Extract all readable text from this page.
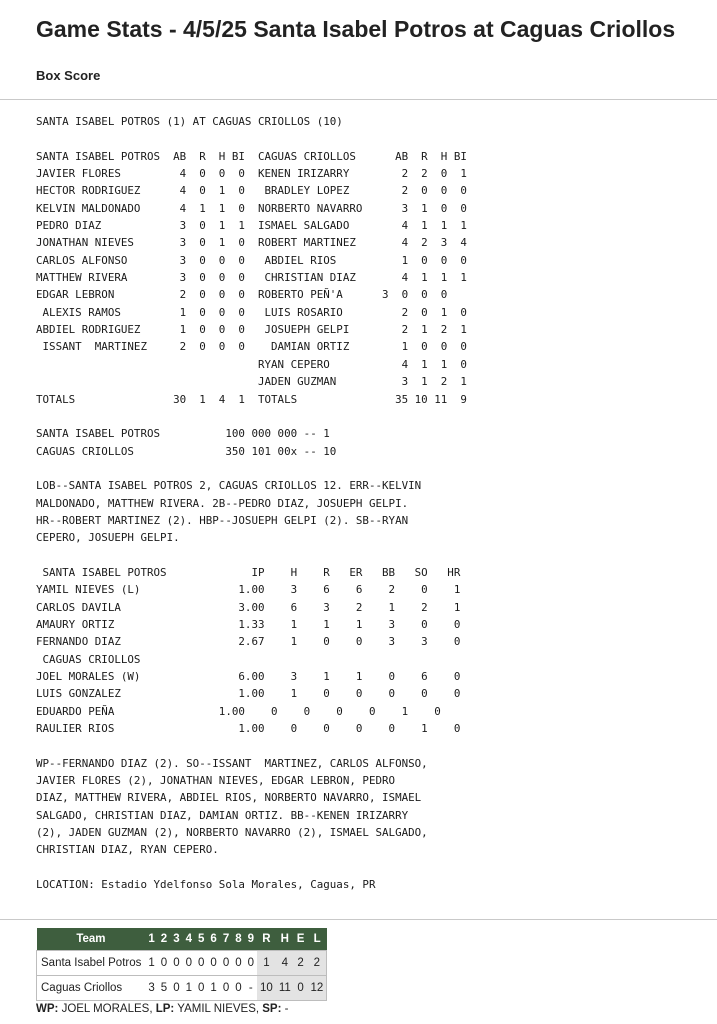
Game Stats - 4/5/25 Santa Isabel Potros at Caguas Criollos
Box Score
SANTA ISABEL POTROS (1) AT CAGUAS CRIOLLOS (10)

SANTA ISABEL POTROS  AB  R  H BI  CAGUAS CRIOLLOS      AB  R  H BI
JAVIER FLORES         4  0  0  0  KENEN IRIZARRY        2  2  0  1
HECTOR RODRIGUEZ      4  0  1  0   BRADLEY LOPEZ        2  0  0  0
KELVIN MALDONADO      4  1  1  0  NORBERTO NAVARRO      3  1  0  0
PEDRO DIAZ            3  0  1  1  ISMAEL SALGADO        4  1  1  1
JONATHAN NIEVES       3  0  1  0  ROBERT MARTINEZ       4  2  3  4
CARLOS ALFONSO        3  0  0  0   ABDIEL RIOS          1  0  0  0
MATTHEW RIVERA        3  0  0  0   CHRISTIAN DIAZ       4  1  1  1
EDGAR LEBRON          2  0  0  0  ROBERTO PEÑ'A      3  0  0  0
ALEXIS RAMOS         1  0  0  0   LUIS ROSARIO         2  0  1  0
ABDIEL RODRIGUEZ      1  0  0  0   JOSUEPH GELPI        2  1  2  1
ISSANT  MARTINEZ     2  0  0  0    DAMIAN ORTIZ        1  0  0  0
RYAN CEPERO           4  1  1  0
JADEN GUZMAN          3  1  2  1
TOTALS               30  1  4  1  TOTALS               35 10 11  9

SANTA ISABEL POTROS          100 000 000 -- 1
CAGUAS CRIOLLOS              350 101 00x -- 10

LOB--SANTA ISABEL POTROS 2, CAGUAS CRIOLLOS 12. ERR--KELVIN
MALDONADO, MATTHEW RIVERA. 2B--PEDRO DIAZ, JOSUEPH GELPI.
HR--ROBERT MARTINEZ (2). HBP--JOSUEPH GELPI (2). SB--RYAN
CEPERO, JOSUEPH GELPI.

SANTA ISABEL POTROS             IP    H    R   ER   BB   SO   HR
YAMIL NIEVES (L)               1.00    3    6    6    2    0    1
CARLOS DAVILA                  3.00    6    3    2    1    2    1
AMAURY ORTIZ                   1.33    1    1    1    3    0    0
FERNANDO DIAZ                  2.67    1    0    0    3    3    0
CAGUAS CRIOLLOS
JOEL MORALES (W)               6.00    3    1    1    0    6    0
LUIS GONZALEZ                  1.00    1    0    0    0    0    0
EDUARDO PEÑA                1.00    0    0    0    0    1    0
RAULIER RIOS                   1.00    0    0    0    0    1    0

WP--FERNANDO DIAZ (2). SO--ISSANT  MARTINEZ, CARLOS ALFONSO,
JAVIER FLORES (2), JONATHAN NIEVES, EDGAR LEBRON, PEDRO
DIAZ, MATTHEW RIVERA, ABDIEL RIOS, NORBERTO NAVARRO, ISMAEL
SALGADO, CHRISTIAN DIAZ, DAMIAN ORTIZ. BB--KENEN IRIZARRY
(2), JADEN GUZMAN (2), NORBERTO NAVARRO (2), ISMAEL SALGADO,
CHRISTIAN DIAZ, RYAN CEPERO.

LOCATION: Estadio Ydelfonso Sola Morales, Caguas, PR

Team	1	2	3	4	5	6	7	8	9	R	H	E	L
Santa Isabel Potros	1	0	0	0	0	0	0	0	0	1	4	2	2
Caguas Criollos	3	5	0	1	0	1	0	0	-	10	11	0	12

WP: JOEL MORALES, LP: YAMIL NIEVES, SP: -
